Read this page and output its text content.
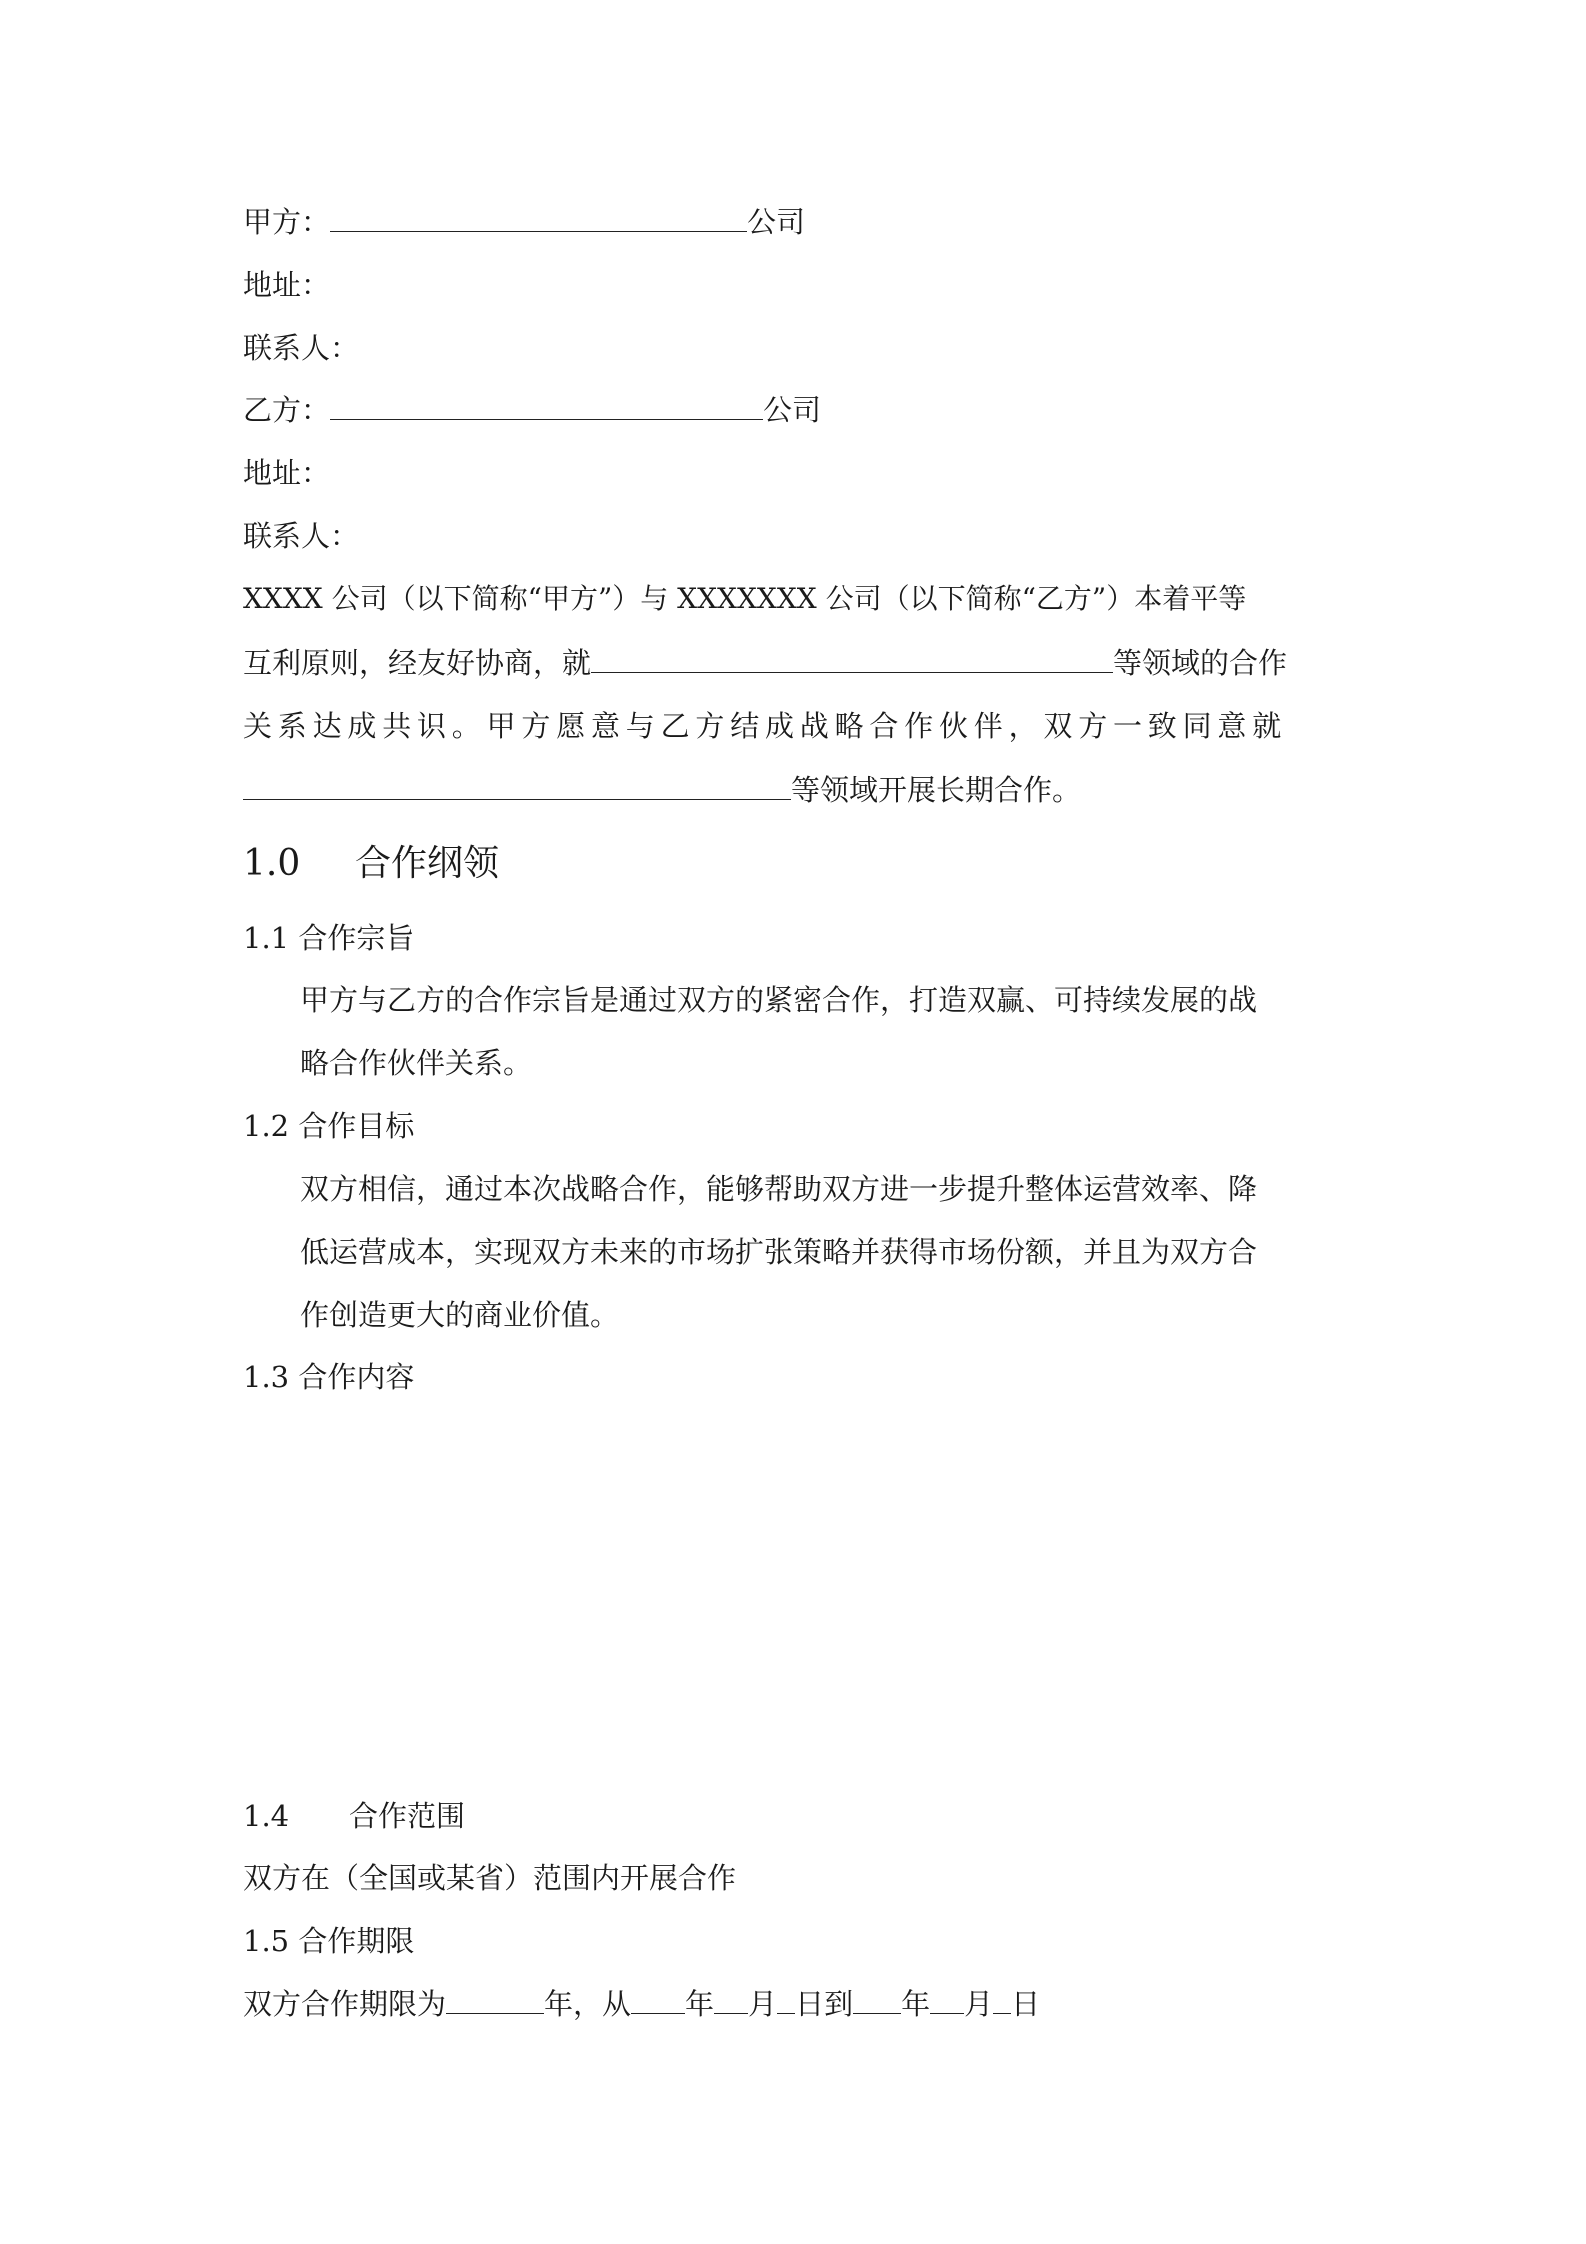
甲方：	公司
地址：
联系人：
乙方：	公司
地址：
联系人：
XXXX 公司（以下简称“甲方”）与 XXXXXXX 公司（以下简称“乙方”）本着平等
互利原则，经友好协商，就	等领域的合作
关系达成共识。甲方愿意与乙方结成战略合作伙伴，双方一致同意就
等领域开展长期合作。
1.0 合作纲领
1.1 合作宗旨
甲方与乙方的合作宗旨是通过双方的紧密合作，打造双赢、可持续发展的战
略合作伙伴关系。
1.2 合作目标
双方相信，通过本次战略合作，能够帮助双方进一步提升整体运营效率、降
低运营成本，实现双方未来的市场扩张策略并获得市场份额，并且为双方合
作创造更大的商业价值。
1.3 合作内容
1.4 合作范围
双方在（全国或某省）范围内开展合作
1.5 合作期限
双方合作期限为	年，从 年 月 日到 年 月 日
